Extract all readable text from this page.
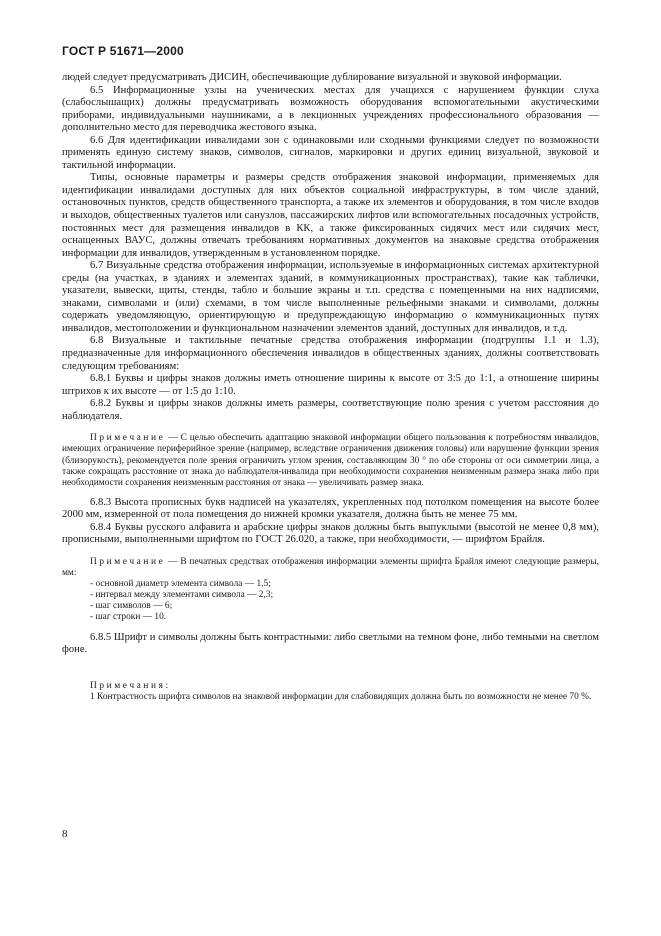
ГОСТ Р 51671—2000

людей следует предусматривать ДИСИН, обеспечивающие дублирование визуальной и звуковой информации.

6.5 Информационные узлы на ученических местах для учащихся с нарушением функции слуха (слабослышащих) должны предусматривать возможность оборудования вспомогательными акустическими приборами, индивидуальными наушниками, а в лекционных учреждениях профессионального образования — дополнительно место для переводчика жестового языка.

6.6 Для идентификации инвалидами зон с одинаковыми или сходными функциями следует по возможности применять единую систему знаков, символов, сигналов, маркировки и других единиц визуальной, звуковой и тактильной информации.

Типы, основные параметры и размеры средств отображения знаковой информации, применяемых для идентификации инвалидами доступных для них объектов социальной инфраструктуры, в том числе зданий, остановочных пунктов, средств общественного транспорта, а также их элементов и оборудования, в том числе входов и выходов, общественных туалетов или санузлов, пассажирских лифтов или вспомогательных посадочных устройств, постоянных мест для размещения инвалидов в КК, а также фиксированных сидячих мест или сидячих мест, оснащенных ВАУС, должны отвечать требованиям нормативных документов на знаковые средства отображения информации для инвалидов, утвержденным в установленном порядке.

6.7 Визуальные средства отображения информации, используемые в информационных системах архитектурной среды (на участках, в зданиях и элементах зданий, в коммуникационных пространствах), такие как таблички, указатели, вывески, щиты, стенды, табло и большие экраны и т.п. средства с помещенными на них надписями, знаками, символами и (или) схемами, в том числе выполненные рельефными знаками и символами, должны содержать уведомляющую, ориентирующую и предупреждающую информацию о коммуникационных путях инвалидов, местоположении и функциональном назначении элементов зданий, доступных для инвалидов, и т.д.

6.8 Визуальные и тактильные печатные средства отображения информации (подгруппы 1.1 и 1.3), предназначенные для информационного обеспечения инвалидов в общественных зданиях, должны соответствовать следующим требованиям:

6.8.1 Буквы и цифры знаков должны иметь отношение ширины к высоте от 3:5 до 1:1, а отношение ширины штрихов к их высоте — от 1:5 до 1:10.

6.8.2 Буквы и цифры знаков должны иметь размеры, соответствующие полю зрения с учетом расстояния до наблюдателя.

Примечание — С целью обеспечить адаптацию знаковой информации общего пользования к потребностям инвалидов, имеющих ограничение периферийное зрение (например, вследствие ограничения движения головы) или нарушение функции зрения (близорукость), рекомендуется поле зрения ограничить углом зрения, составляющим 30 ° по обе стороны от оси симметрии лица, а также сокращать расстояние от знака до наблюдателя-инвалида при необходимости сохранения неизменным размера знака либо при необходимости сохранения неизменным расстояния от знака — увеличивать размер знака.

6.8.3 Высота прописных букв надписей на указателях, укрепленных под потолком помещения на высоте более 2000 мм, измеренной от пола помещения до нижней кромки указателя, должна быть не менее 75 мм.

6.8.4 Буквы русского алфавита и арабские цифры знаков должны быть выпуклыми (высотой не менее 0,8 мм), прописными, выполненными шрифтом по ГОСТ 26.020, а также, при необходимости, — шрифтом Брайля.

Примечание — В печатных средствах отображения информации элементы шрифта Брайля имеют следующие размеры, мм:

- основной диаметр элемента символа — 1,5;
- интервал между элементами символа — 2,3;
- шаг символов — 6;
- шаг строки — 10.

6.8.5 Шрифт и символы должны быть контрастными: либо светлыми на темном фоне, либо темными на светлом фоне.

Примечания:

1 Контрастность шрифта символов на знаковой информации для слабовидящих должна быть по возможности не менее 70 %.

8
